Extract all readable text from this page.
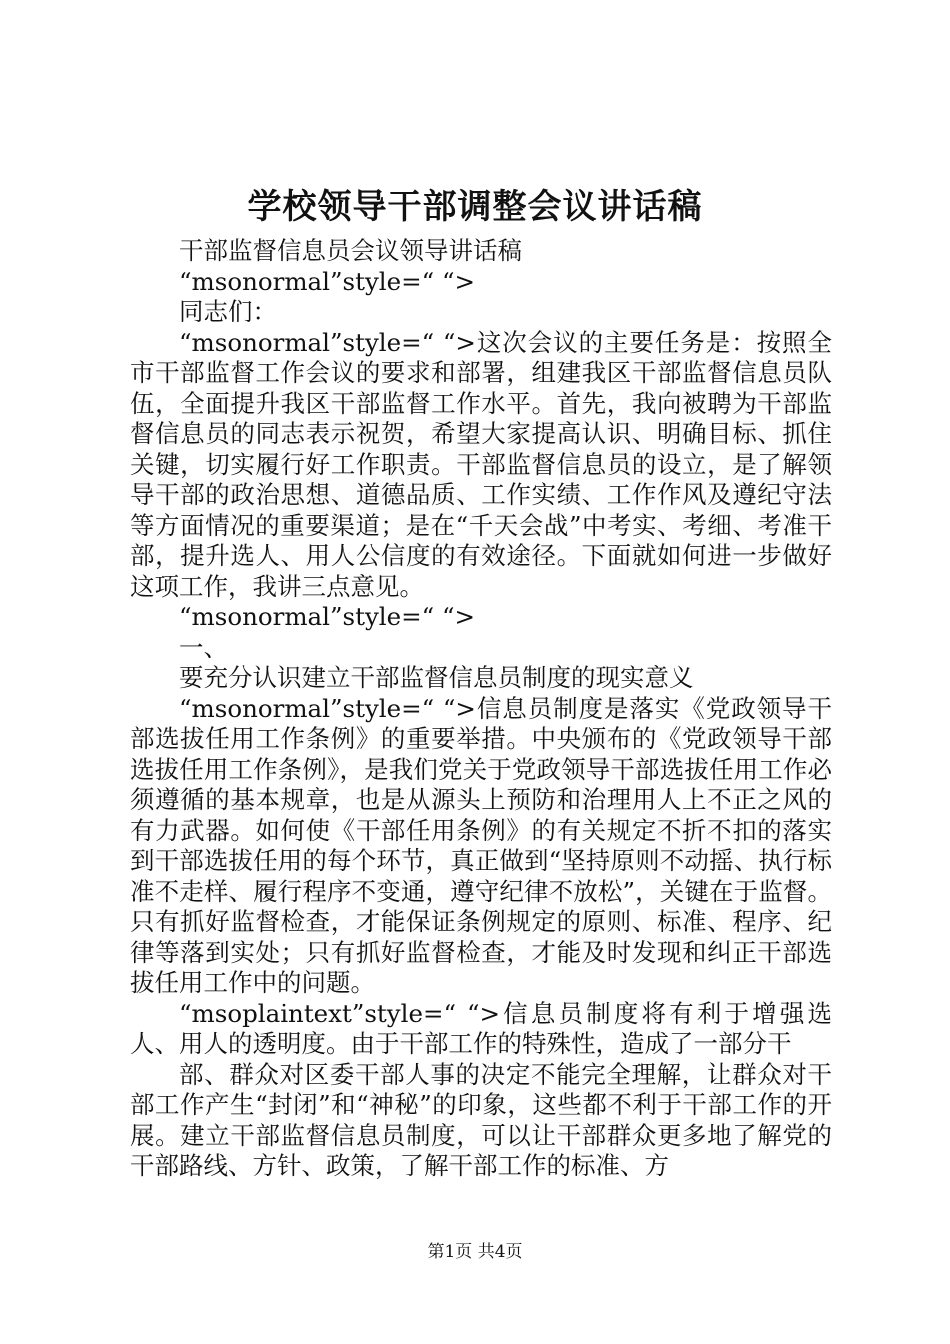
学校领导干部调整会议讲话稿

干部监督信息员会议领导讲话稿

“msonormal”style=“ “>

同志们：

“msonormal”style=“ “>这次会议的主要任务是：按照全市干部监督工作会议的要求和部署，组建我区干部监督信息员队伍，全面提升我区干部监督工作水平。首先，我向被聘为干部监督信息员的同志表示祝贺，希望大家提高认识、明确目标、抓住关键，切实履行好工作职责。干部监督信息员的设立，是了解领导干部的政治思想、道德品质、工作实绩、工作作风及遵纪守法等方面情况的重要渠道；是在“千天会战”中考实、考细、考准干部，提升选人、用人公信度的有效途径。下面就如何进一步做好这项工作，我讲三点意见。

“msonormal”style=“ “>

一、

要充分认识建立干部监督信息员制度的现实意义

“msonormal”style=“ “>信息员制度是落实《党政领导干部选拔任用工作条例》的重要举措。中央颁布的《党政领导干部选拔任用工作条例》，是我们党关于党政领导干部选拔任用工作必须遵循的基本规章，也是从源头上预防和治理用人上不正之风的有力武器。如何使《干部任用条例》的有关规定不折不扣的落实到干部选拔任用的每个环节，真正做到“坚持原则不动摇、执行标准不走样、履行程序不变通，遵守纪律不放松”，关键在于监督。只有抓好监督检查，才能保证条例规定的原则、标准、程序、纪律等落到实处；只有抓好监督检查，才能及时发现和纠正干部选拔任用工作中的问题。

“msoplaintext”style=“ “>信息员制度将有利于增强选人、用人的透明度。由于干部工作的特殊性，造成了一部分干

部、群众对区委干部人事的决定不能完全理解，让群众对干部工作产生“封闭”和“神秘”的印象，这些都不利于干部工作的开展。建立干部监督信息员制度，可以让干部群众更多地了解党的干部路线、方针、政策，了解干部工作的标准、方

第1页 共4页
